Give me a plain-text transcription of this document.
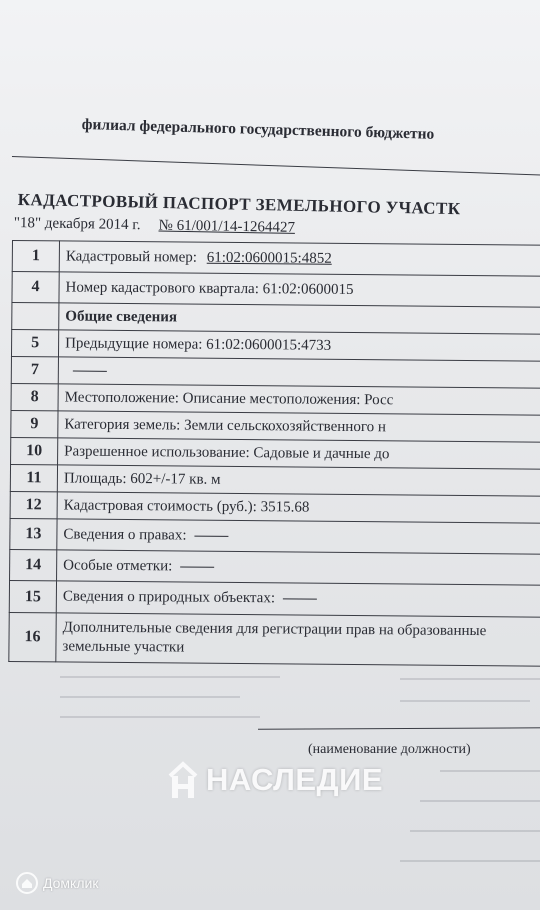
филиал федерального государственного бюджетно
КАДАСТРОВЫЙ ПАСПОРТ ЗЕМЕЛЬНОГО УЧАСТК
"18" декабря 2014 г. № 61/001/14-1264427
1	Кадастровый номер: 61:02:0600015:4852
4	Номер кадастрового квартала: 61:02:0600015
	Общие сведения
5	Предыдущие номера: 61:02:0600015:4733
7	
8	Местоположение: Описание местоположения: Росс
9	Категория земель: Земли сельскохозяйственного н
10	Разрешенное использование: Садовые и дачные до
11	Площадь: 602+/-17 кв. м
12	Кадастровая стоимость (руб.): 3515.68
13	Сведения о правах:
14	Особые отметки:
15	Сведения о природных объектах:
16	Дополнительные сведения для регистрации прав на образованные земельные участки
(наименование должности)
НАСЛЕДИЕ
Домклик
